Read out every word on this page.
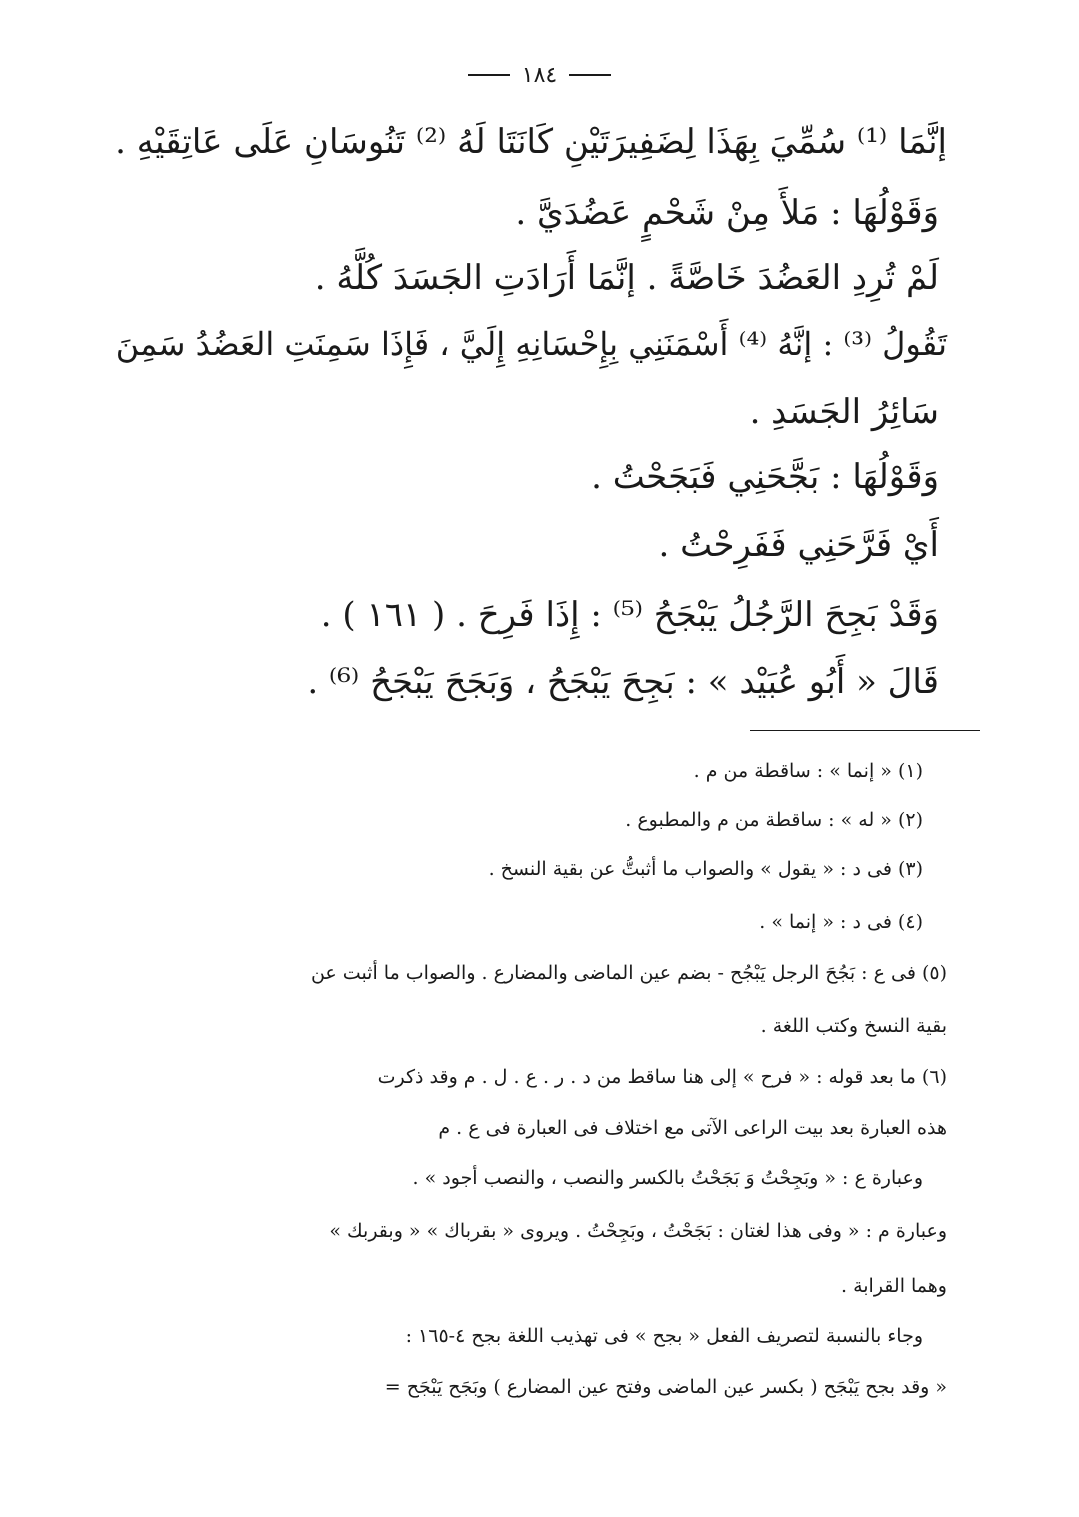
١٨٤
إنَّمَا ⁽¹⁾ سُمِّيَ بِهَذَا لِضَفِيرَتَيْنِ كَانَتَا لَهُ ⁽²⁾ تَنُوسَانِ عَلَى عَاتِقَيْهِ .
وَقَوْلُهَا : مَلأَ مِنْ شَحْمٍ عَضُدَيَّ .
لَمْ تُرِدِ العَضُدَ خَاصَّةً . إنَّمَا أَرَادَتِ الجَسَدَ كُلَّهُ .
تَقُولُ ⁽³⁾ : إنَّهُ ⁽⁴⁾ أَسْمَنَنِي بِإِحْسَانِهِ إِلَيَّ ، فَإِذَا سَمِنَتِ العَضُدُ سَمِنَ
سَائِرُ الجَسَدِ .
وَقَوْلُهَا : بَجَّحَنِي فَبَجَحْتُ .
أَيْ فَرَّحَنِي فَفَرِحْتُ .
وَقَدْ بَجِحَ الرَّجُلُ يَبْجَحُ ⁽⁵⁾ : إِذَا فَرِحَ . ( ١٦١ ) .
قَالَ « أَبُو عُبَيْد » : بَجِحَ يَبْجَحُ ، وَبَجَحَ يَبْجَحُ ⁽⁶⁾ .
(١) « إنما » : ساقطة من م .
(٢) « له » : ساقطة من م والمطبوع .
(٣) فى د : « يقول » والصواب ما أثبتُّ عن بقية النسخ .
(٤) فى د : « إنما » .
(٥) فى ع : بَجُحَ الرجل يَبْجُح - بضم عين الماضى والمضارع . والصواب ما أثبت عن
بقية النسخ وكتب اللغة .
(٦) ما بعد قوله : « فرح » إلى هنا ساقط من د . ر . ع . ل . م وقد ذكرت
هذه العبارة بعد بيت الراعى الآتى مع اختلاف فى العبارة فى ع . م
وعبارة ع : « وبَجِحْتُ وَ بَجَحْتُ بالكسر والنصب ، والنصب أجود » .
وعبارة م : « وفى هذا لغتان : بَجَحْتُ ، وبَجِحْتُ . ويروى « بقرباك » « وبقربك »
وهما القرابة .
وجاء بالنسبة لتصريف الفعل « بجح » فى تهذيب اللغة بجح ٤-١٦٥ :
« وقد بجح يَبْجَح ( بكسر عين الماضى وفتح عين المضارع ) وبَجَح يَبْجَح =
